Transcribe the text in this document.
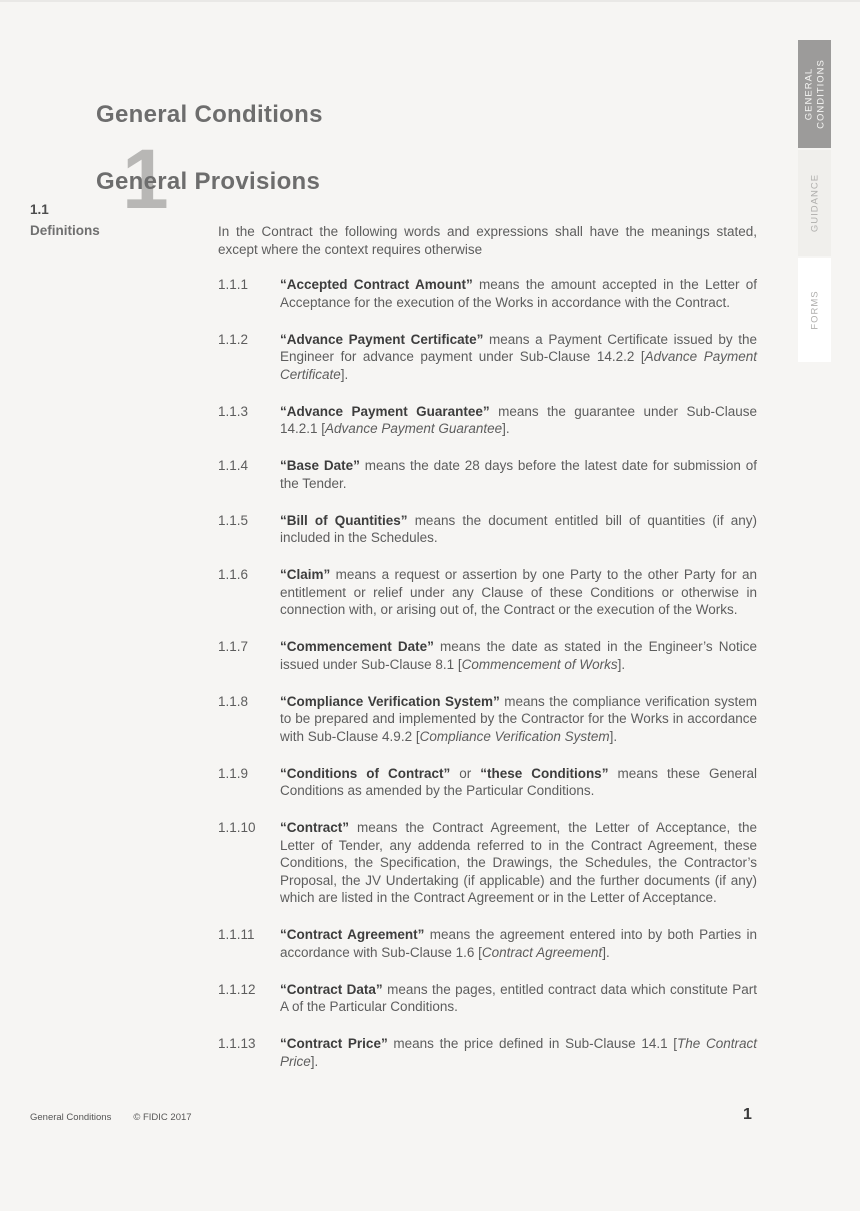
General Conditions
1
General Provisions
1.1
Definitions	In the Contract the following words and expressions shall have the meanings stated, except where the context requires otherwise

1.1.1	“Accepted Contract Amount” means the amount accepted in the Letter of Acceptance for the execution of the Works in accordance with the Contract.
1.1.2	“Advance Payment Certificate” means a Payment Certificate issued by the Engineer for advance payment under Sub-Clause 14.2.2 [Advance Payment Certificate].
1.1.3	“Advance Payment Guarantee” means the guarantee under Sub-Clause 14.2.1 [Advance Payment Guarantee].
1.1.4	“Base Date” means the date 28 days before the latest date for submission of the Tender.
1.1.5	“Bill of Quantities” means the document entitled bill of quantities (if any) included in the Schedules.
1.1.6	“Claim” means a request or assertion by one Party to the other Party for an entitlement or relief under any Clause of these Conditions or otherwise in connection with, or arising out of, the Contract or the execution of the Works.
1.1.7	“Commencement Date” means the date as stated in the Engineer’s Notice issued under Sub-Clause 8.1 [Commencement of Works].
1.1.8	“Compliance Verification System” means the compliance verification system to be prepared and implemented by the Contractor for the Works in accordance with Sub-Clause 4.9.2 [Compliance Verification System].
1.1.9	“Conditions of Contract” or “these Conditions” means these General Conditions as amended by the Particular Conditions.
1.1.10	“Contract” means the Contract Agreement, the Letter of Acceptance, the Letter of Tender, any addenda referred to in the Contract Agreement, these Conditions, the Specification, the Drawings, the Schedules, the Contractor’s Proposal, the JV Undertaking (if applicable) and the further documents (if any) which are listed in the Contract Agreement or in the Letter of Acceptance.
1.1.11	“Contract Agreement” means the agreement entered into by both Parties in accordance with Sub-Clause 1.6 [Contract Agreement].
1.1.12	“Contract Data” means the pages, entitled contract data which constitute Part A of the Particular Conditions.
1.1.13	“Contract Price” means the price defined in Sub-Clause 14.1 [The Contract Price].
GENERAL CONDITIONS
GUIDANCE
FORMS
General Conditions © FIDIC 2017	1
